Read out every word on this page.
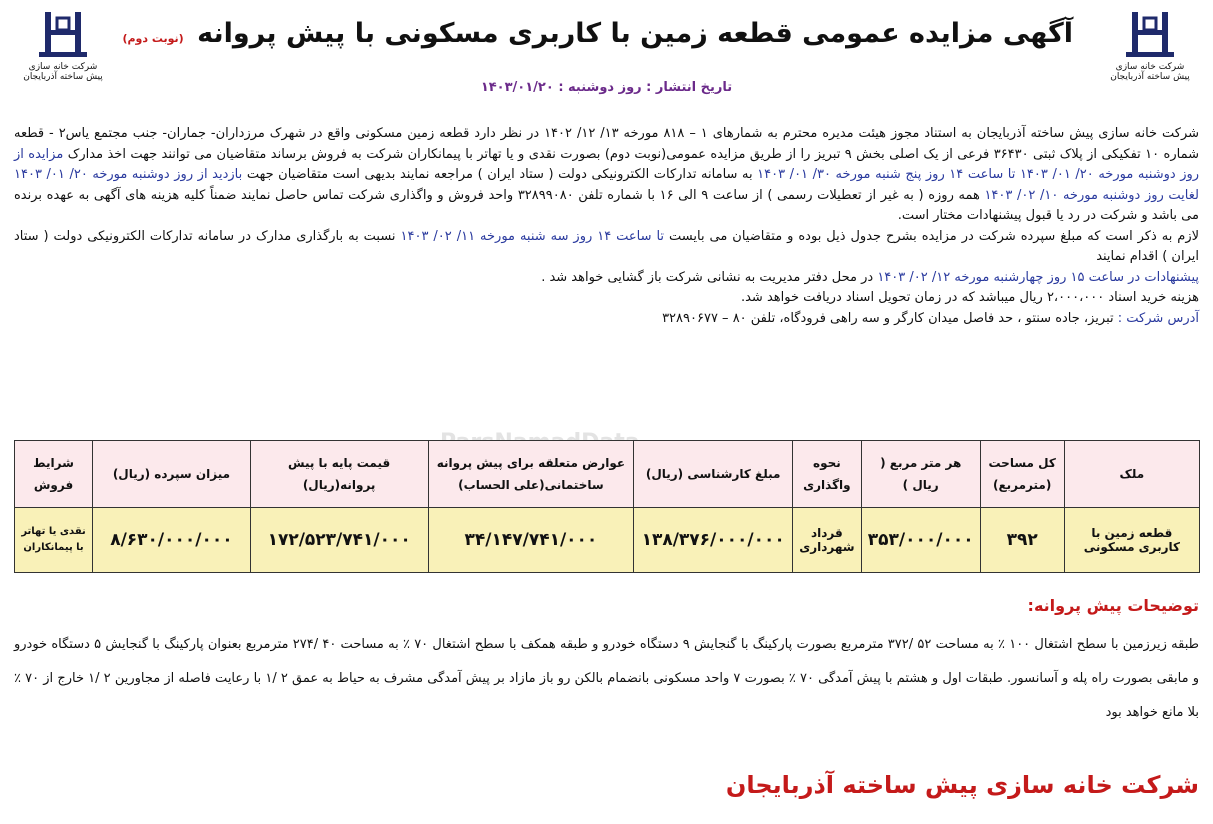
شرکت خانه سازی
پیش ساخته آذربایجان
شرکت خانه سازی
پیش ساخته آذربایجان
آگهی مزایده عمومی قطعه زمین با کاربری مسکونی با پیش پروانه (نوبت دوم)
تاریخ انتشار : روز دوشنبه : ۱۴۰۳/۰۱/۲۰

شرکت خانه سازی پیش ساخته آذربایجان به استناد مجوز هیئت مدیره محترم به شمارهای ۱ – ۸۱۸ مورخه ۱۳/ ۱۲/ ۱۴۰۲ در نظر دارد قطعه زمین مسکونی واقع در شهرک مرزداران- جماران- جنب مجتمع یاس۲ - قطعه شماره ۱۰ تفکیکی از پلاک ثبتی ۳۶۴۳۰ فرعی از یک اصلی بخش ۹ تبریز را از طریق مزایده عمومی(نوبت دوم) بصورت نقدی و یا تهاتر با پیمانکاران شرکت به فروش برساند متقاضیان می توانند جهت اخذ مدارک مزایده از روز دوشنبه مورخه ۲۰/ ۰۱/ ۱۴۰۳ تا ساعت ۱۴ روز پنج شنبه مورخه ۳۰/ ۰۱/ ۱۴۰۳ به سامانه تدارکات الکترونیکی دولت ( ستاد ایران ) مراجعه نمایند بدیهی است متقاضیان جهت بازدید از روز دوشنبه مورخه ۲۰/ ۰۱/ ۱۴۰۳ لغایت روز دوشنبه مورخه ۱۰/ ۰۲/ ۱۴۰۳ همه روزه ( به غیر از تعطیلات رسمی ) از ساعت ۹ الی ۱۶ با شماره تلفن ۳۲۸۹۹۰۸۰ واحد فروش و واگذاری شرکت تماس حاصل نمایند ضمناً کلیه هزینه های آگهی به عهده برنده می باشد و شرکت در رد یا قبول پیشنهادات مختار است.

لازم به ذکر است که مبلغ سپرده شرکت در مزایده بشرح جدول ذیل بوده و متقاضیان می بایست تا ساعت ۱۴ روز سه شنبه مورخه ۱۱/ ۰۲/ ۱۴۰۳ نسبت به بارگذاری مدارک در سامانه تدارکات الکترونیکی دولت ( ستاد ایران ) اقدام نمایند

پیشنهادات در ساعت ۱۵ روز چهارشنبه مورخه ۱۲/ ۰۲/ ۱۴۰۳ در محل دفتر مدیریت به نشانی شرکت باز گشایی خواهد شد .

هزینه خرید اسناد ۲،۰۰۰،۰۰۰ ریال میباشد که در زمان تحویل اسناد دریافت خواهد شد.

آدرس شرکت : تبریز، جاده سنتو ، حد فاصل میدان کارگر و سه راهی فرودگاه، تلفن ۸۰ – ۳۲۸۹۰۶۷۷

ملک	کل مساحت (مترمربع)	هر متر مربع ( ریال )	نحوه واگذاری	مبلغ کارشناسی (ریال)	عوارض متعلقه برای پیش پروانه ساختمانی(علی الحساب)	قیمت پایه با پیش پروانه(ریال)	میزان سپرده (ریال)	شرایط فروش
قطعه زمین با کاربری مسکونی	۳۹۲	۳۵۳/۰۰۰/۰۰۰	قرداد شهرداری	۱۳۸/۳۷۶/۰۰۰/۰۰۰	۳۴/۱۴۷/۷۴۱/۰۰۰	۱۷۲/۵۲۳/۷۴۱/۰۰۰	۸/۶۳۰/۰۰۰/۰۰۰	نقدی یا تهاتر با پیمانکاران
توضیحات پیش پروانه:
طبقه زیرزمین با سطح اشتغال ۱۰۰ ٪ به مساحت ۵۲ /۳۷۲ مترمربع بصورت پارکینگ با گنجایش ۹ دستگاه خودرو و طبقه همکف با سطح اشتغال ۷۰ ٪ به مساحت ۴۰ /۲۷۴ مترمربع بعنوان پارکینگ با گنجایش ۵ دستگاه خودرو و مابقی بصورت راه پله و آسانسور. طبقات اول و هشتم با پیش آمدگی ۷۰ ٪ بصورت ۷ واحد مسکونی بانضمام بالکن رو باز مازاد بر پیش آمدگی مشرف به حیاط به عمق ۲ /۱ با رعایت فاصله از مجاورین ۲ /۱ خارج از ۷۰ ٪ بلا مانع خواهد بود
شرکت خانه سازی پیش ساخته آذربایجان
